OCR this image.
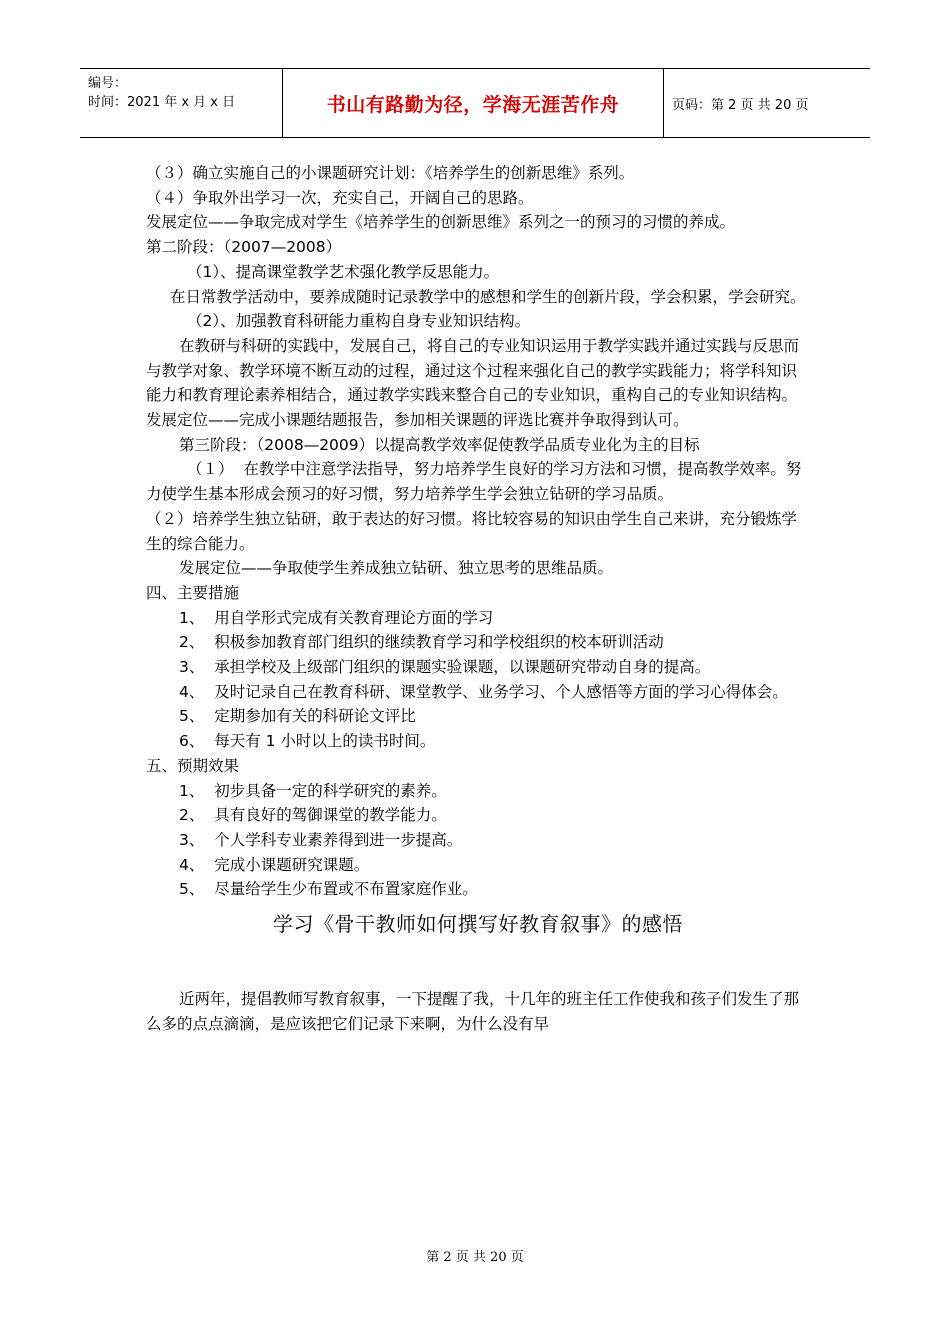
编号：
时间：2021 年 x 月 x 日	书山有路勤为径，学海无涯苦作舟	页码：第 2 页 共 20 页

（３）确立实施自己的小课题研究计划：《培养学生的创新思维》系列。

（４）争取外出学习一次，充实自己，开阔自己的思路。

发展定位——争取完成对学生《培养学生的创新思维》系列之一的预习的习惯的养成。

第二阶段：（2007—2008）

（1）、提高课堂教学艺术强化教学反思能力。

在日常教学活动中，要养成随时记录教学中的感想和学生的创新片段，学会积累，学会研究。

（2）、加强教育科研能力重构自身专业知识结构。

在教研与科研的实践中，发展自己，将自己的专业知识运用于教学实践并通过实践与反思而与教学对象、教学环境不断互动的过程，通过这个过程来强化自己的教学实践能力；将学科知识能力和教育理论素养相结合，通过教学实践来整合自己的专业知识，重构自己的专业知识结构。

发展定位——完成小课题结题报告，参加相关课题的评选比赛并争取得到认可。

第三阶段：（2008—2009）以提高教学效率促使教学品质专业化为主的目标

（１）  在教学中注意学法指导，努力培养学生良好的学习方法和习惯，提高教学效率。努力使学生基本形成会预习的好习惯，努力培养学生学会独立钻研的学习品质。

（２）培养学生独立钻研，敢于表达的好习惯。将比较容易的知识由学生自己来讲，充分锻炼学生的综合能力。

发展定位——争取使学生养成独立钻研、独立思考的思维品质。

四、主要措施

1、  用自学形式完成有关教育理论方面的学习

2、  积极参加教育部门组织的继续教育学习和学校组织的校本研训活动

3、  承担学校及上级部门组织的课题实验课题，以课题研究带动自身的提高。

4、  及时记录自己在教育科研、课堂教学、业务学习、个人感悟等方面的学习心得体会。

5、  定期参加有关的科研论文评比

6、  每天有 1 小时以上的读书时间。

五、预期效果

1、  初步具备一定的科学研究的素养。

2、  具有良好的驾御课堂的教学能力。

3、  个人学科专业素养得到进一步提高。

4、  完成小课题研究课题。

5、  尽量给学生少布置或不布置家庭作业。

学习《骨干教师如何撰写好教育叙事》的感悟

近两年，提倡教师写教育叙事，一下提醒了我，十几年的班主任工作使我和孩子们发生了那么多的点点滴滴，是应该把它们记录下来啊，为什么没有早

第 2 页 共 20 页
